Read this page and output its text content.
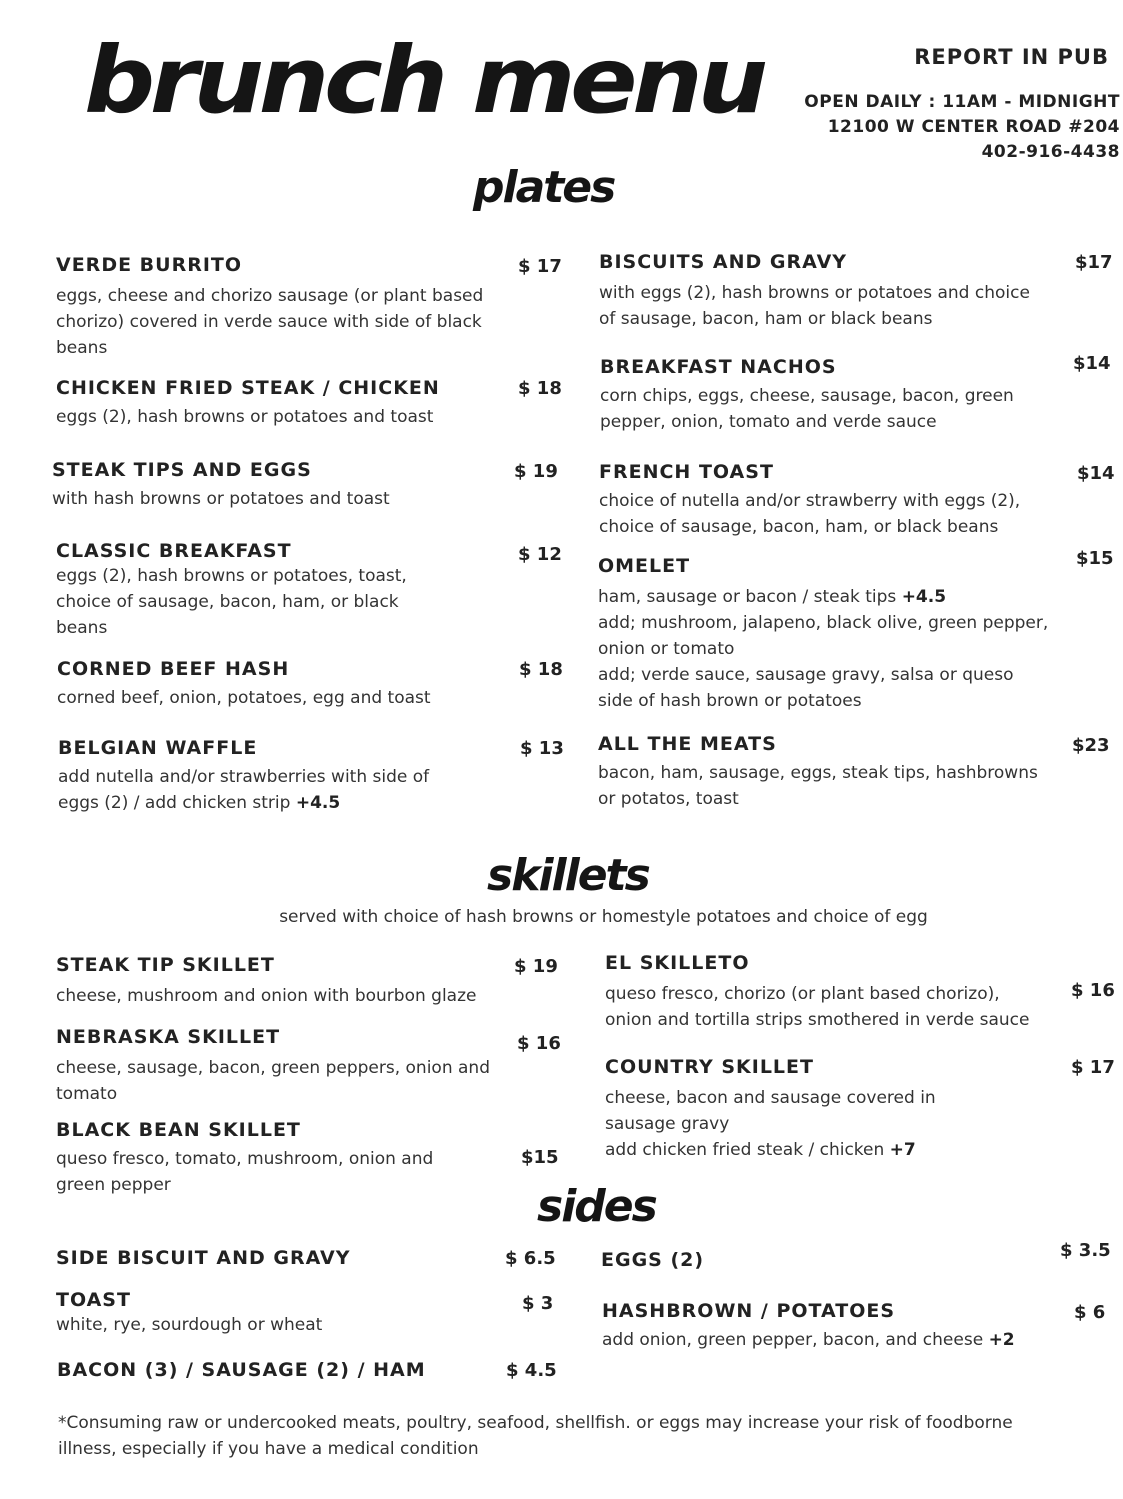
brunch menu	REPORT IN PUB
OPEN DAILY : 11AM - MIDNIGHT
12100 W CENTER ROAD #204
402-916-4438
plates
VERDE BURRITO
eggs, cheese and chorizo sausage (or plant based chorizo) covered in verde sauce with side of black beans
$ 17
CHICKEN FRIED STEAK / CHICKEN
eggs (2), hash browns or potatoes and toast
$ 18
STEAK TIPS AND EGGS
with hash browns or potatoes and toast
$ 19
CLASSIC BREAKFAST
eggs (2), hash browns or potatoes, toast, choice of sausage, bacon, ham, or black beans
$ 12
CORNED BEEF HASH
corned beef, onion, potatoes, egg and toast
$ 18
BELGIAN WAFFLE
add nutella and/or strawberries with side of eggs (2) / add chicken strip +4.5
$ 13
BISCUITS AND GRAVY
with eggs (2), hash browns or potatoes and choice of sausage, bacon, ham or black beans
$17
BREAKFAST NACHOS
corn chips, eggs, cheese, sausage, bacon, green pepper, onion, tomato and verde sauce
$14
FRENCH TOAST
choice of nutella and/or strawberry with eggs (2), choice of sausage, bacon, ham, or black beans
$14
OMELET
ham, sausage or bacon / steak tips +4.5
add; mushroom, jalapeno, black olive, green pepper, onion or tomato
add; verde sauce, sausage gravy, salsa or queso
side of hash brown or potatoes
$15
ALL THE MEATS
bacon, ham, sausage, eggs, steak tips, hashbrowns or potatos, toast
$23
skillets
served with choice of hash browns or homestyle potatoes and choice of egg
STEAK TIP SKILLET
cheese, mushroom and onion with bourbon glaze
$ 19
NEBRASKA SKILLET
cheese, sausage, bacon, green peppers, onion and tomato
$ 16
BLACK BEAN SKILLET
queso fresco, tomato, mushroom, onion and green pepper
$15
EL SKILLETO
queso fresco, chorizo (or plant based chorizo), onion and tortilla strips smothered in verde sauce
$ 16
COUNTRY SKILLET
cheese, bacon and sausage covered in sausage gravy
add chicken fried steak / chicken +7
$ 17
sides
SIDE BISCUIT AND GRAVY	$ 6.5
TOAST
white, rye, sourdough or wheat
$ 3
BACON (3) / SAUSAGE (2) / HAM	$ 4.5
EGGS (2)	$ 3.5
HASHBROWN / POTATOES
add onion, green pepper, bacon, and cheese +2
$ 6
*Consuming raw or undercooked meats, poultry, seafood, shellfish. or eggs may increase your risk of foodborne illness, especially if you have a medical condition
